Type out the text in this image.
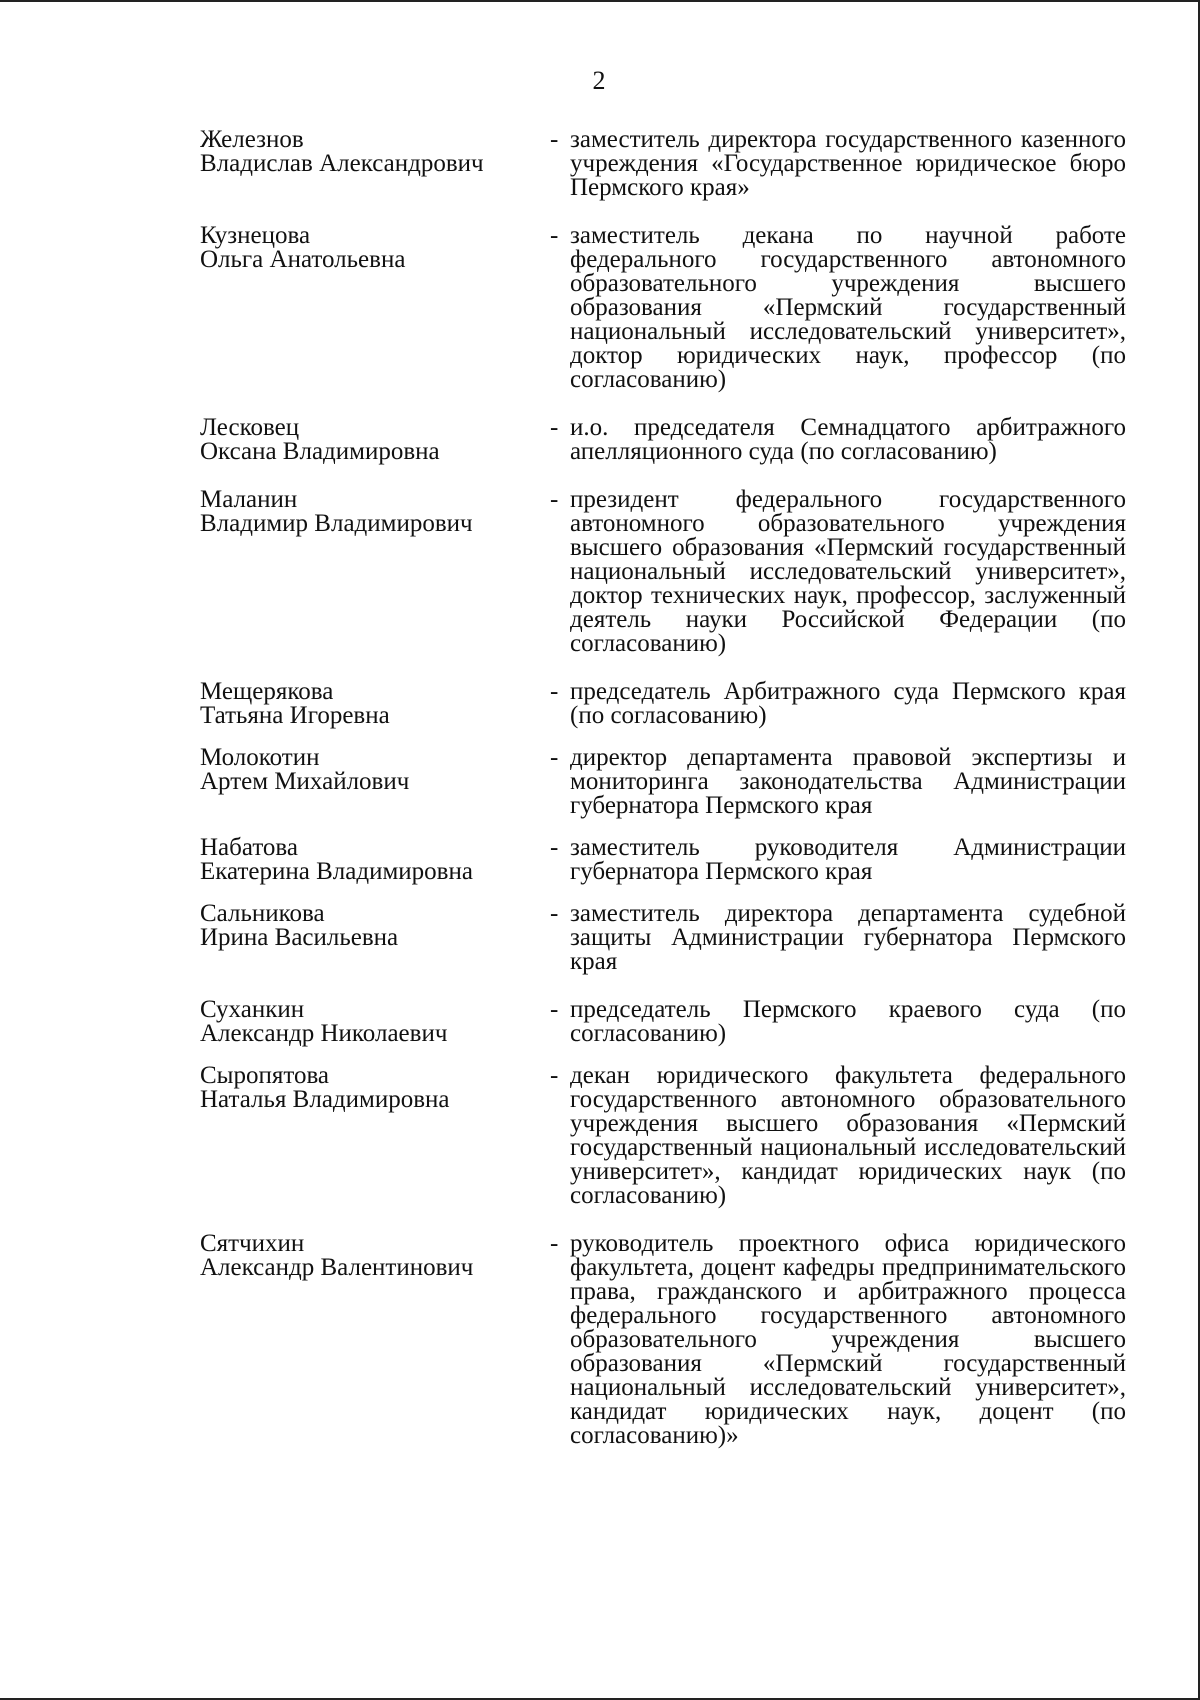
2
Железнов
Владислав Александрович
- заместитель директора государственного казенного учреждения «Государственное юридическое бюро Пермского края»
Кузнецова
Ольга Анатольевна
- заместитель декана по научной работе федерального государственного автономного образовательного учреждения высшего образования «Пермский государственный национальный исследовательский университет», доктор юридических наук, профессор (по согласованию)
Лесковец
Оксана Владимировна
- и.о. председателя Семнадцатого арбитражного апелляционного суда (по согласованию)
Маланин
Владимир Владимирович
- президент федерального государственного автономного образовательного учреждения высшего образования «Пермский государственный национальный исследовательский университет», доктор технических наук, профессор, заслуженный деятель науки Российской Федерации (по согласованию)
Мещерякова
Татьяна Игоревна
- председатель Арбитражного суда Пермского края (по согласованию)
Молокотин
Артем Михайлович
- директор департамента правовой экспертизы и мониторинга законодательства Администрации губернатора Пермского края
Набатова
Екатерина Владимировна
- заместитель руководителя Администрации губернатора Пермского края
Сальникова
Ирина Васильевна
- заместитель директора департамента судебной защиты Администрации губернатора Пермского края
Суханкин
Александр Николаевич
- председатель Пермского краевого суда (по согласованию)
Сыропятова
Наталья Владимировна
- декан юридического факультета федерального государственного автономного образовательного учреждения высшего образования «Пермский государственный национальный исследовательский университет», кандидат юридических наук (по согласованию)
Сятчихин
Александр Валентинович
- руководитель проектного офиса юридического факультета, доцент кафедры предпринимательского права, гражданского и арбитражного процесса федерального государственного автономного образовательного учреждения высшего образования «Пермский государственный национальный исследовательский университет», кандидат юридических наук, доцент (по согласованию)»
